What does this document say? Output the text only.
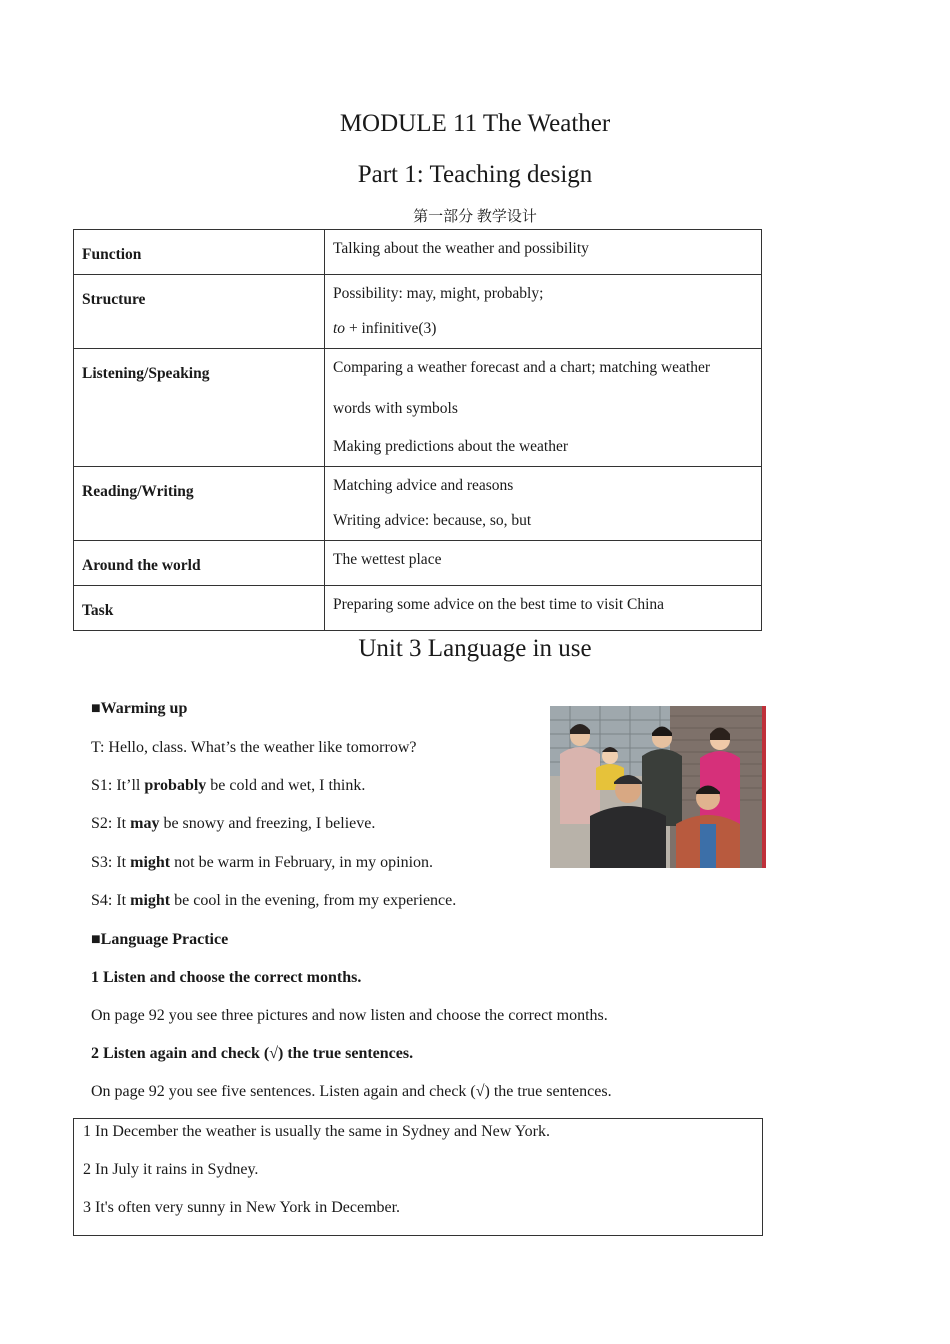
MODULE 11 The Weather
Part 1: Teaching design
第一部分 教学设计
Function	Talking about the weather and possibility

Structure	Possibility: may, might, probably;

to + infinitive(3)

Listening/Speaking	Comparing a weather forecast and a chart; matching weather

words with symbols

Making predictions about the weather

Reading/Writing	Matching advice and reasons

Writing advice: because, so, but

Around the world	The wettest place

Task	Preparing some advice on the best time to visit China

Unit 3 Language in use

■Warming up

T: Hello, class. What’s the weather like tomorrow?

S1: It’ll probably be cold and wet, I think.

S2: It may be snowy and freezing, I believe.

S3: It might not be warm in February, in my opinion.

S4: It might be cool in the evening, from my experience.

■Language Practice

1 Listen and choose the correct months.

On page 92 you see three pictures and now listen and choose the correct months.

2 Listen again and check (√) the true sentences.

On page 92 you see five sentences. Listen again and check (√) the true sentences.

1 In December the weather is usually the same in Sydney and New York.

2 In July it rains in Sydney.

3 It's often very sunny in New York in December.
